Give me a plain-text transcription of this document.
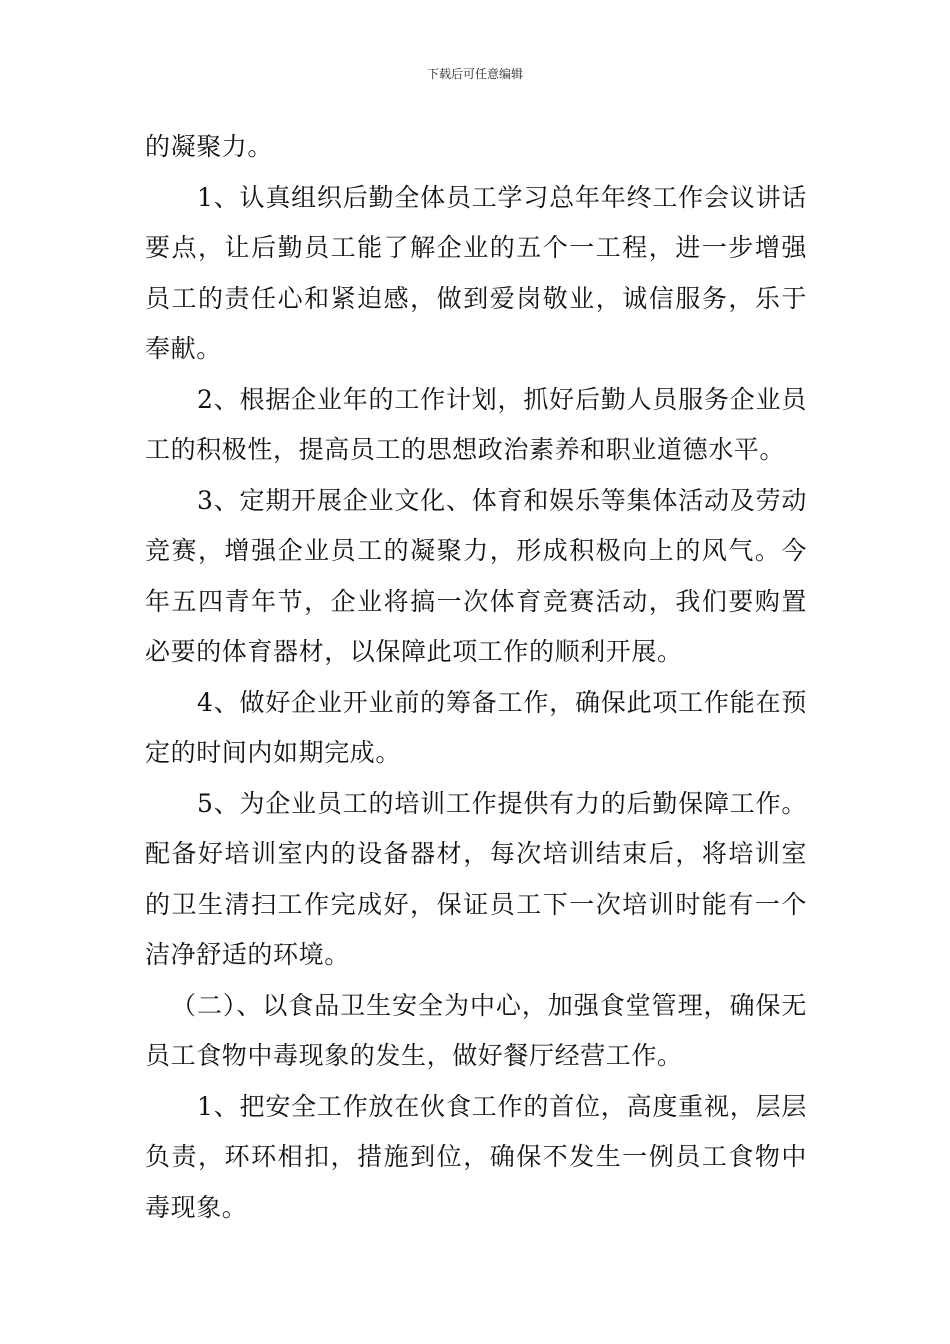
下载后可任意编辑

的凝聚力。

1、认真组织后勤全体员工学习总年年终工作会议讲话要点，让后勤员工能了解企业的五个一工程，进一步增强员工的责任心和紧迫感，做到爱岗敬业，诚信服务，乐于奉献。

2、根据企业年的工作计划，抓好后勤人员服务企业员工的积极性，提高员工的思想政治素养和职业道德水平。

3、定期开展企业文化、体育和娱乐等集体活动及劳动竞赛，增强企业员工的凝聚力，形成积极向上的风气。今年五四青年节，企业将搞一次体育竞赛活动，我们要购置必要的体育器材，以保障此项工作的顺利开展。

4、做好企业开业前的筹备工作，确保此项工作能在预定的时间内如期完成。

5、为企业员工的培训工作提供有力的后勤保障工作。配备好培训室内的设备器材，每次培训结束后，将培训室的卫生清扫工作完成好，保证员工下一次培训时能有一个洁净舒适的环境。

（二）、以食品卫生安全为中心，加强食堂管理，确保无员工食物中毒现象的发生，做好餐厅经营工作。

1、把安全工作放在伙食工作的首位，高度重视，层层负责，环环相扣，措施到位，确保不发生一例员工食物中毒现象。
